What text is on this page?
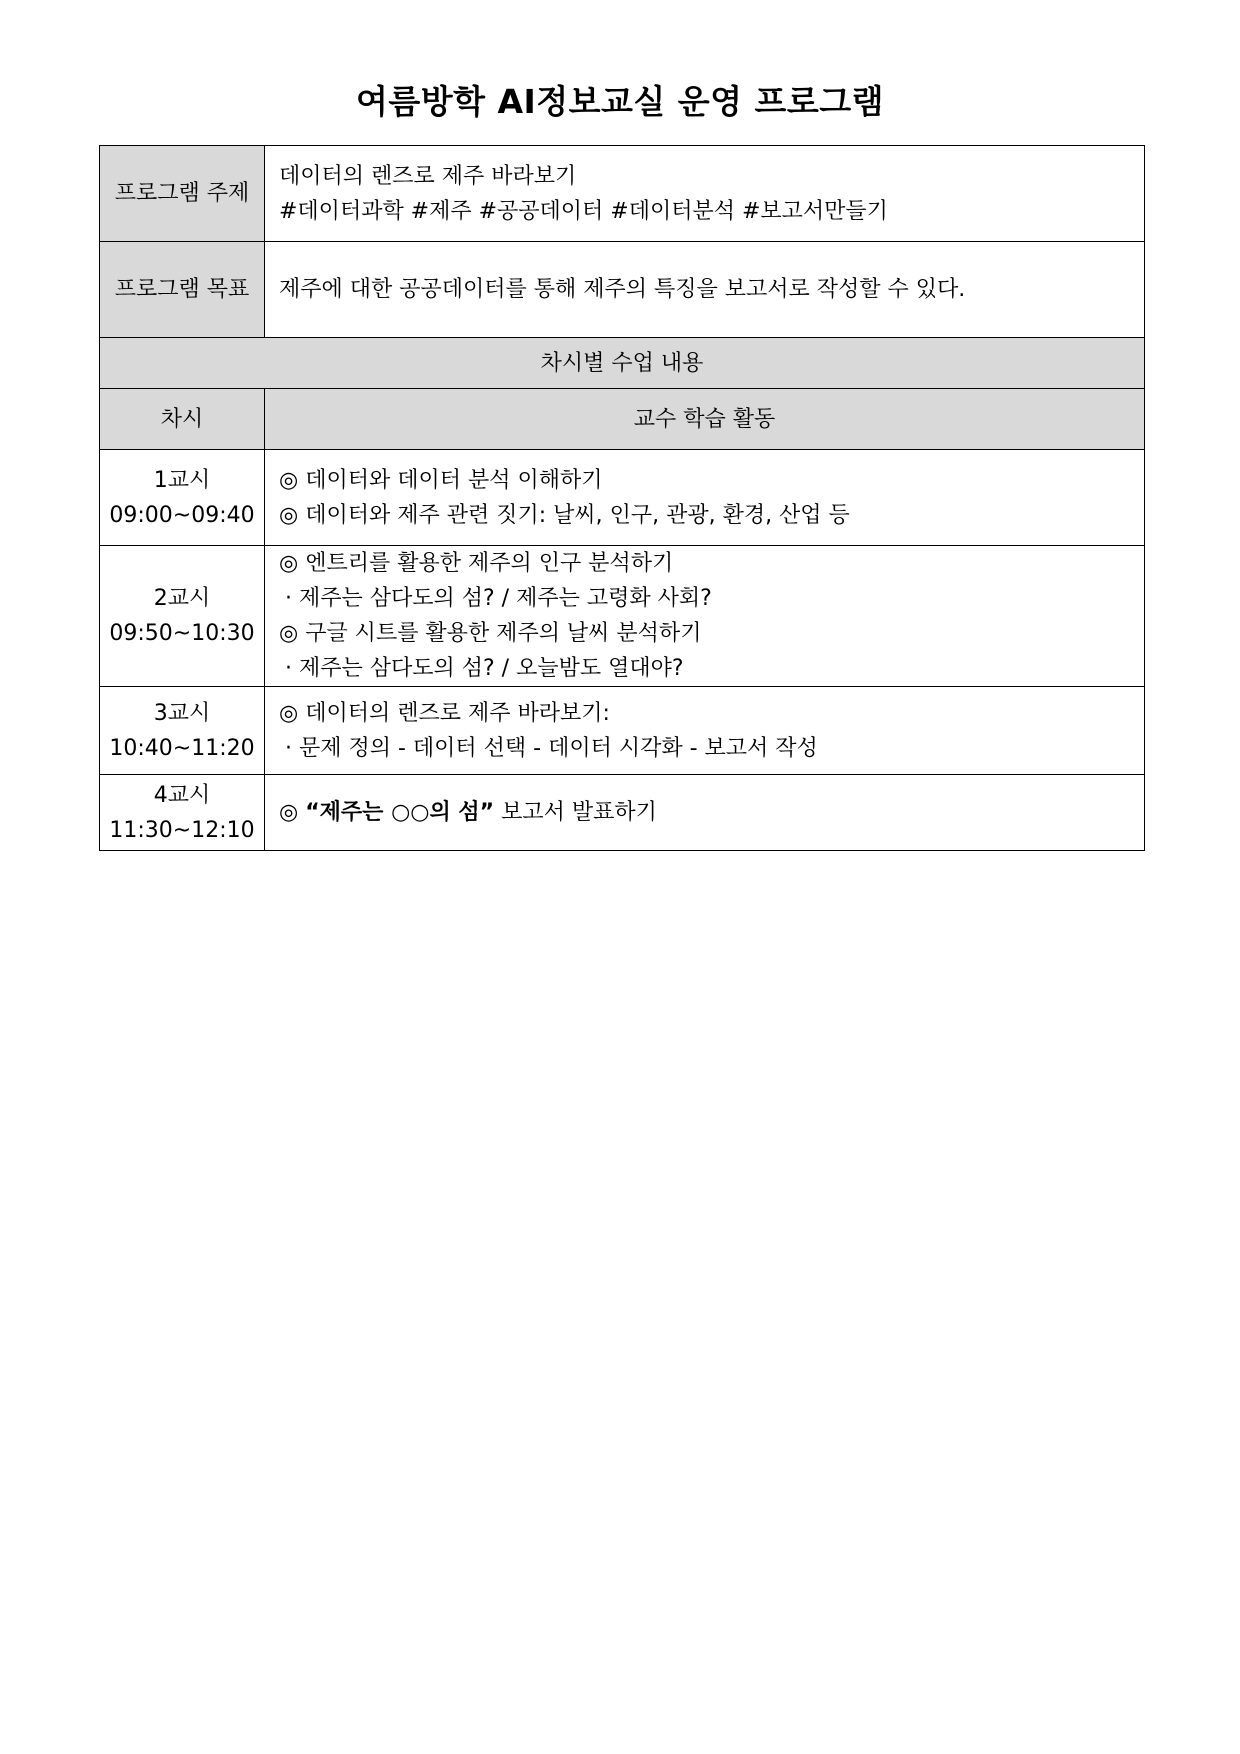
여름방학 AI정보교실 운영 프로그램
프로그램 주제	데이터의 렌즈로 제주 바라보기
#데이터과학 #제주 #공공데이터 #데이터분석 #보고서만들기

프로그램 목표	제주에 대한 공공데이터를 통해 제주의 특징을 보고서로 작성할 수 있다.
차시별 수업 내용	
차시	교수 학습 활동

1교시
09:00~09:40	◎ 데이터와 데이터 분석 이해하기
◎ 데이터와 제주 관련 짓기: 날씨, 인구, 관광, 환경, 산업 등

2교시
09:50~10:30	◎ 엔트리를 활용한 제주의 인구 분석하기
· 제주는 삼다도의 섬? / 제주는 고령화 사회?
◎ 구글 시트를 활용한 제주의 날씨 분석하기
· 제주는 삼다도의 섬? / 오늘밤도 열대야?

3교시
10:40~11:20	◎ 데이터의 렌즈로 제주 바라보기:
· 문제 정의 - 데이터 선택 - 데이터 시각화 - 보고서 작성

4교시
11:30~12:10	◎ “제주는 ○○의 섬” 보고서 발표하기
